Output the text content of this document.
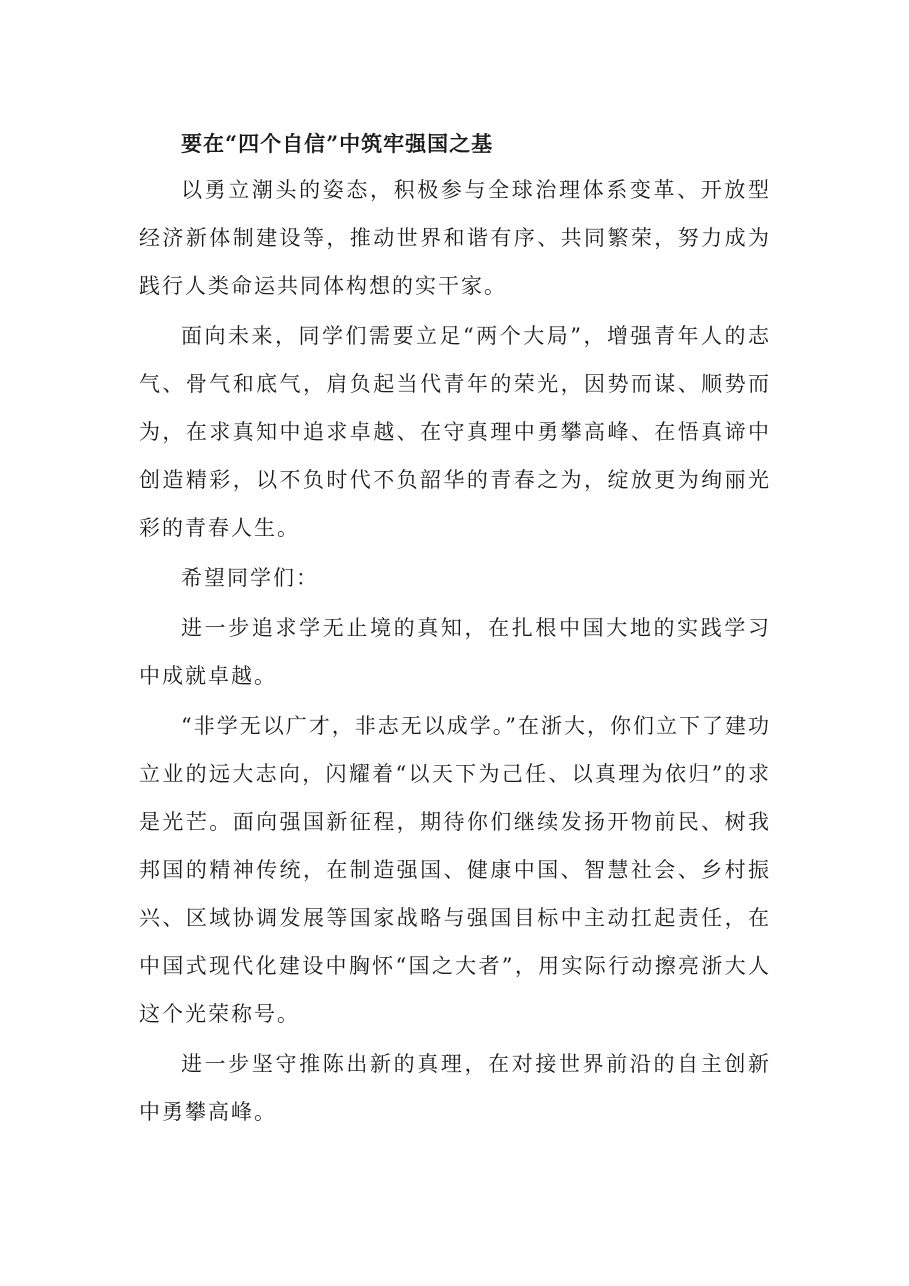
要在“四个自信”中筑牢强国之基

以勇立潮头的姿态，积极参与全球治理体系变革、开放型经济新体制建设等，推动世界和谐有序、共同繁荣，努力成为践行人类命运共同体构想的实干家。

面向未来，同学们需要立足“两个大局”，增强青年人的志气、骨气和底气，肩负起当代青年的荣光，因势而谋、顺势而为，在求真知中追求卓越、在守真理中勇攀高峰、在悟真谛中创造精彩，以不负时代不负韶华的青春之为，绽放更为绚丽光彩的青春人生。

希望同学们：

进一步追求学无止境的真知，在扎根中国大地的实践学习中成就卓越。

“非学无以广才，非志无以成学。”在浙大，你们立下了建功立业的远大志向，闪耀着“以天下为己任、以真理为依归”的求是光芒。面向强国新征程，期待你们继续发扬开物前民、树我邦国的精神传统，在制造强国、健康中国、智慧社会、乡村振兴、区域协调发展等国家战略与强国目标中主动扛起责任，在中国式现代化建设中胸怀“国之大者”，用实际行动擦亮浙大人这个光荣称号。

进一步坚守推陈出新的真理，在对接世界前沿的自主创新中勇攀高峰。
